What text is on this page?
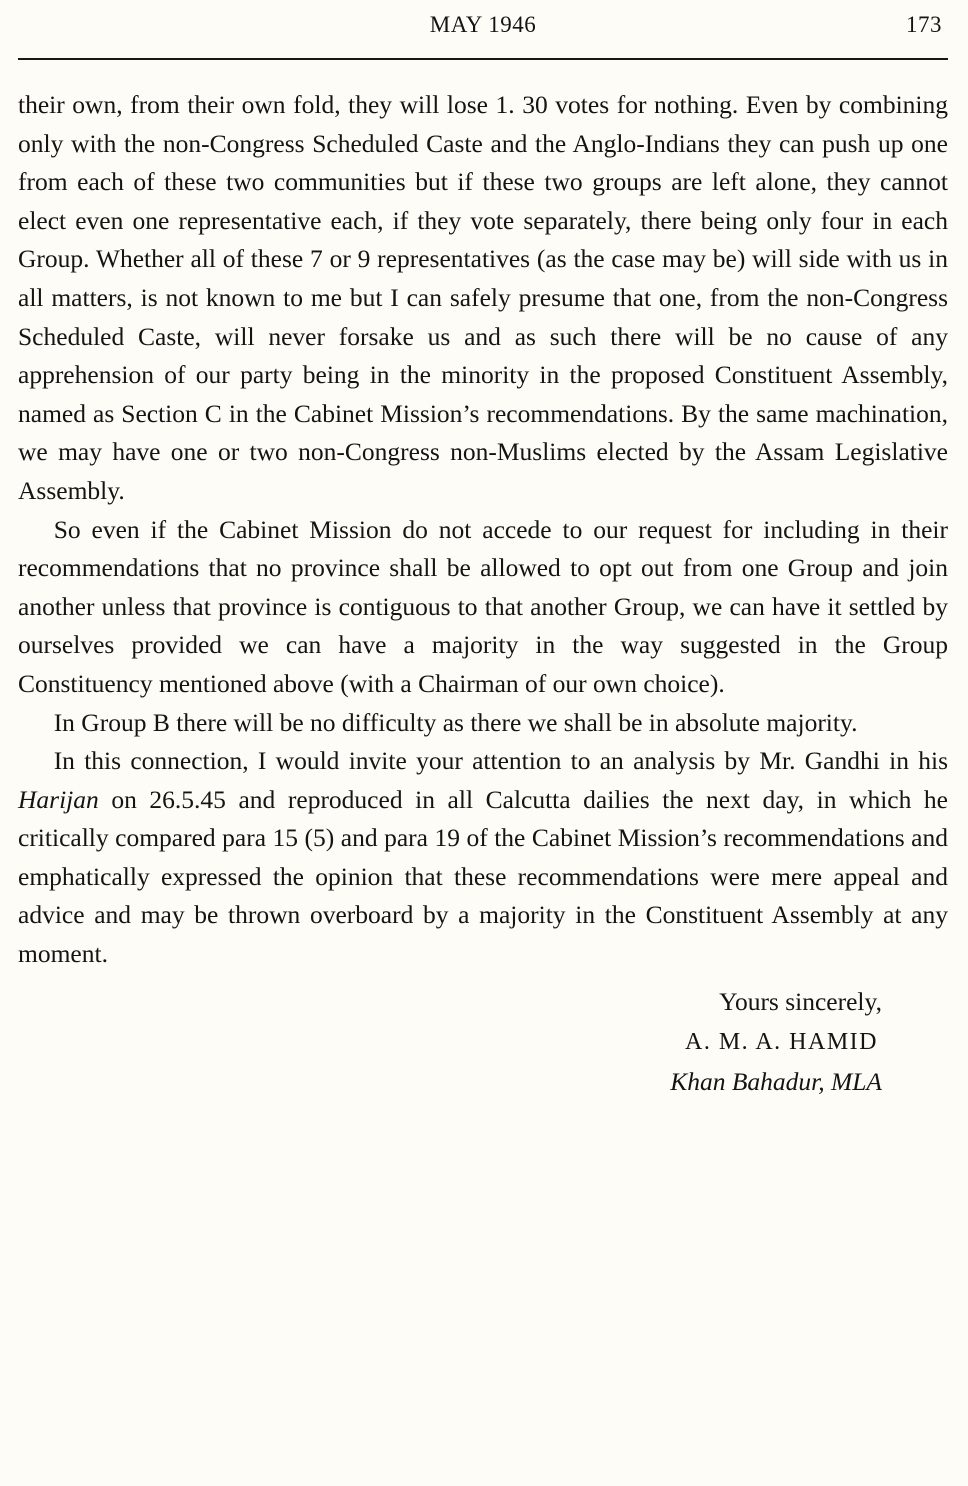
MAY 1946	173

their own, from their own fold, they will lose 1. 30 votes for nothing. Even by combining only with the non-Congress Scheduled Caste and the Anglo-Indians they can push up one from each of these two communities but if these two groups are left alone, they cannot elect even one representative each, if they vote separately, there being only four in each Group. Whether all of these 7 or 9 representatives (as the case may be) will side with us in all matters, is not known to me but I can safely presume that one, from the non-Congress Scheduled Caste, will never forsake us and as such there will be no cause of any apprehension of our party being in the minority in the proposed Constituent Assembly, named as Section C in the Cabinet Mission’s recommendations. By the same machination, we may have one or two non-Congress non-Muslims elected by the Assam Legislative Assembly.

So even if the Cabinet Mission do not accede to our request for including in their recommendations that no province shall be allowed to opt out from one Group and join another unless that province is contiguous to that another Group, we can have it settled by ourselves provided we can have a majority in the way suggested in the Group Constituency mentioned above (with a Chairman of our own choice).

In Group B there will be no difficulty as there we shall be in absolute majority.

In this connection, I would invite your attention to an analysis by Mr. Gandhi in his Harijan on 26.5.45 and reproduced in all Calcutta dailies the next day, in which he critically compared para 15 (5) and para 19 of the Cabinet Mission’s recommendations and emphatically expressed the opinion that these recommendations were mere appeal and advice and may be thrown overboard by a majority in the Constituent Assembly at any moment.

Yours sincerely,
A. M. A. HAMID
Khan Bahadur, MLA
